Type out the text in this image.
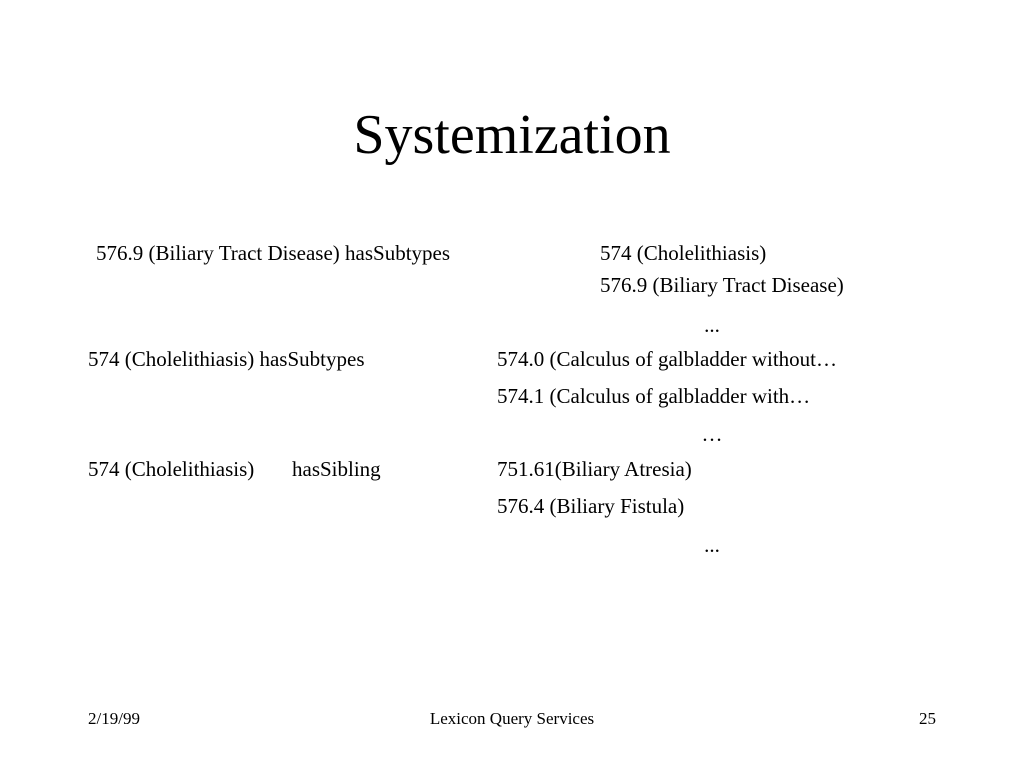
Systemization
576.9 (Biliary Tract Disease) hasSubtypes	574 (Cholelithiasis)
576.9 (Biliary Tract Disease)
...
574 (Cholelithiasis) hasSubtypes	574.0 (Calculus of galbladder without…
574.1 (Calculus of galbladder with…
…
574 (Cholelithiasis) hasSibling	751.61(Biliary Atresia)
576.4 (Biliary Fistula)
...
2/19/99	Lexicon Query Services	25
